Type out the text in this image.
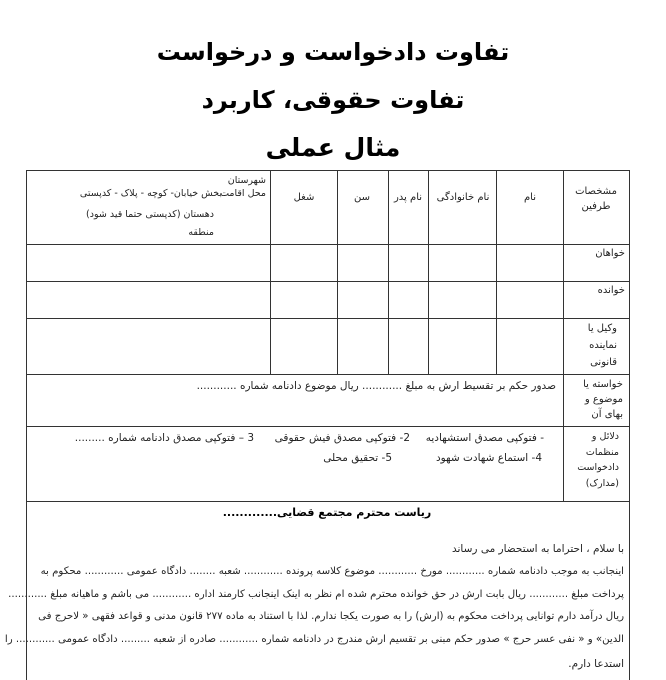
تفاوت دادخواست و درخواست
تفاوت حقوقی، کاربرد
مثال عملی
مشخصات طرفین
نام
نام خانوادگی
نام پدر
سن
شغل
محل اقامت
شهرستان
بخش خیابان- کوچه - پلاک - کدپستی
دهستان (کدپستی حتما قید شود)
منطقه
خواهان
خوانده
وکیل یا نماینده قانونی
خواسته یا موضوع و بهای آن
صدور حکم بر تقسیط ارش به مبلغ ............ ریال موضوع دادنامه شماره ............
دلائل و منظمات دادخواست (مدارک)
- فتوکپی مصدق استشهادیه
2- فتوکپی مصدق فیش حقوقی
3 – فتوکپی مصدق دادنامه شماره .........
4- استماع شهادت شهود
5- تحقیق محلی
ریاست محترم مجتمع قضایی.............
با سلام ، احتراما به استحضار می رساند
اینجانب به موجب دادنامه شماره ............ مورخ ............ موضوع کلاسه پرونده ............ شعبه ........ دادگاه عمومی ............ محکوم به
پرداخت مبلغ ............ ریال بابت ارش در حق خوانده محترم شده ام نظر به اینک اینجانب کارمند اداره ............ می باشم و ماهیانه مبلغ ............
ریال درآمد دارم توانایی پرداخت محکوم به (ارش) را به صورت یکجا ندارم. لذا با استناد به ماده ۲۷۷ قانون مدنی و قواعد فقهی « لاحرج فی
الدین» و « نفی عسر حرج » صدور حکم مبنی بر تقسیم ارش مندرج در دادنامه شماره ............ صادره از شعبه ......... دادگاه عمومی ............ را
استدعا دارم.
